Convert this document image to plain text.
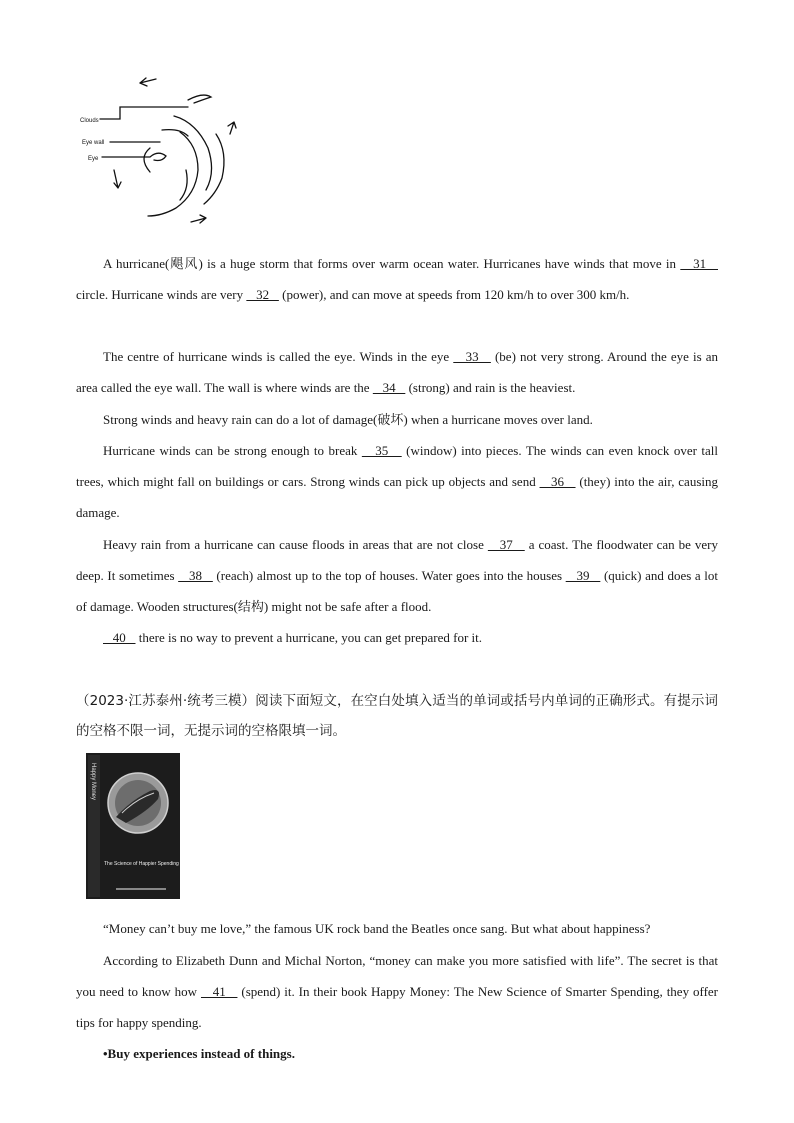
Clouds
Eye wall
Eye
A hurricane(飓风) is a huge storm that forms over warm ocean water. Hurricanes have winds that move in    31    circle. Hurricane winds are very    32    (power), and can move at speeds from 120 km/h to over 300 km/h.
The centre of hurricane winds is called the eye. Winds in the eye    33    (be) not very strong. Around the eye is an area called the eye wall. The wall is where winds are the    34    (strong) and rain is the heaviest.
Strong winds and heavy rain can do a lot of damage(破坏) when a hurricane moves over land.
Hurricane winds can be strong enough to break    35    (window) into pieces. The winds can even knock over tall trees, which might fall on buildings or cars. Strong winds can pick up objects and send    36    (they) into the air, causing damage.
Heavy rain from a hurricane can cause floods in areas that are not close    37    a coast. The floodwater can be very deep. It sometimes    38    (reach) almost up to the top of houses. Water goes into the houses    39    (quick) and does a lot of damage. Wooden structures(结构) might not be safe after a flood.
40    there is no way to prevent a hurricane, you can get prepared for it.
（2023·江苏泰州·统考三模）阅读下面短文，在空白处填入适当的单词或括号内单词的正确形式。有提示词的空格不限一词，无提示词的空格限填一词。
Happy Money
The Science of Happier Spending
“Money can’t buy me love,” the famous UK rock band the Beatles once sang. But what about happiness?
According to Elizabeth Dunn and Michal Norton, “money can make you more satisfied with life”. The secret is that you need to know how    41    (spend) it. In their book Happy Money: The New Science of Smarter Spending, they offer tips for happy spending.
•Buy experiences instead of things.
